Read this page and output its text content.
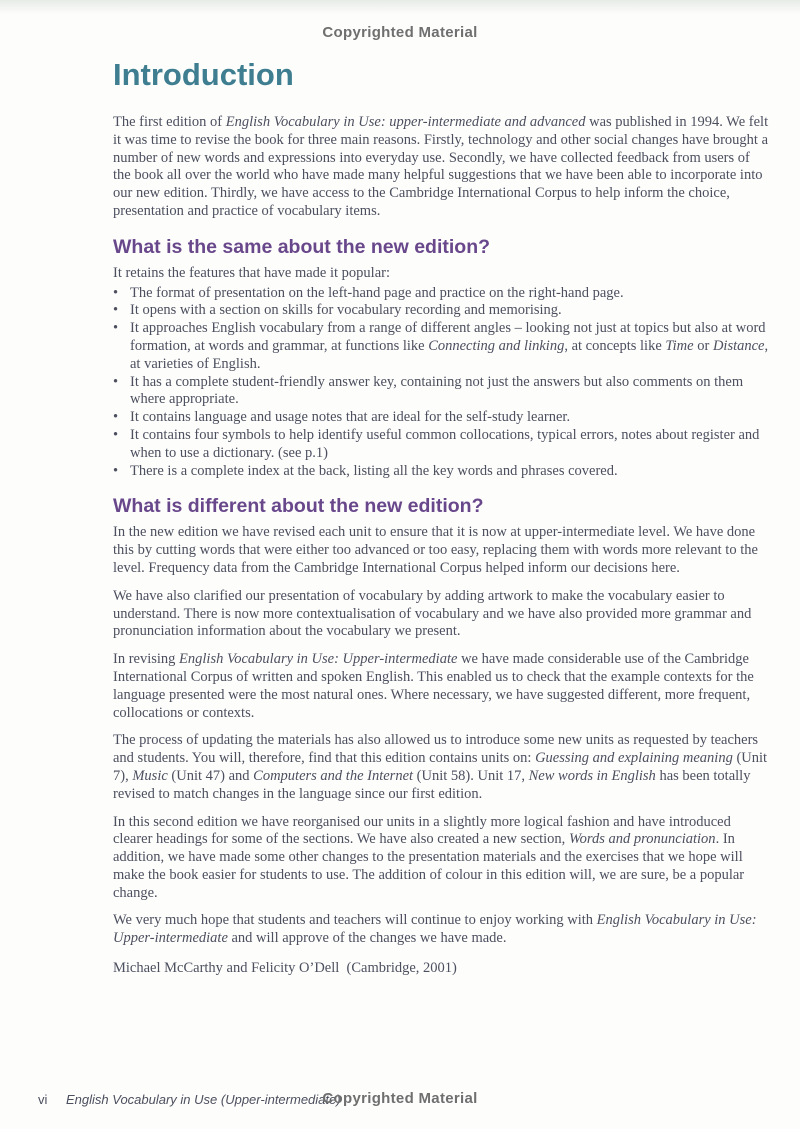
Copyrighted Material
Introduction

The first edition of English Vocabulary in Use: upper-intermediate and advanced was published in 1994. We felt it was time to revise the book for three main reasons. Firstly, technology and other social changes have brought a number of new words and expressions into everyday use. Secondly, we have collected feedback from users of the book all over the world who have made many helpful suggestions that we have been able to incorporate into our new edition. Thirdly, we have access to the Cambridge International Corpus to help inform the choice, presentation and practice of vocabulary items.

What is the same about the new edition?

It retains the features that have made it popular:

• The format of presentation on the left-hand page and practice on the right-hand page.
• It opens with a section on skills for vocabulary recording and memorising.
• It approaches English vocabulary from a range of different angles – looking not just at topics but also at word formation, at words and grammar, at functions like Connecting and linking, at concepts like Time or Distance, at varieties of English.
• It has a complete student-friendly answer key, containing not just the answers but also comments on them where appropriate.
• It contains language and usage notes that are ideal for the self-study learner.
• It contains four symbols to help identify useful common collocations, typical errors, notes about register and when to use a dictionary. (see p.1)
• There is a complete index at the back, listing all the key words and phrases covered.
What is different about the new edition?

In the new edition we have revised each unit to ensure that it is now at upper-intermediate level. We have done this by cutting words that were either too advanced or too easy, replacing them with words more relevant to the level. Frequency data from the Cambridge International Corpus helped inform our decisions here.

We have also clarified our presentation of vocabulary by adding artwork to make the vocabulary easier to understand. There is now more contextualisation of vocabulary and we have also provided more grammar and pronunciation information about the vocabulary we present.

In revising English Vocabulary in Use: Upper-intermediate we have made considerable use of the Cambridge International Corpus of written and spoken English. This enabled us to check that the example contexts for the language presented were the most natural ones. Where necessary, we have suggested different, more frequent, collocations or contexts.

The process of updating the materials has also allowed us to introduce some new units as requested by teachers and students. You will, therefore, find that this edition contains units on: Guessing and explaining meaning (Unit 7), Music (Unit 47) and Computers and the Internet (Unit 58). Unit 17, New words in English has been totally revised to match changes in the language since our first edition.

In this second edition we have reorganised our units in a slightly more logical fashion and have introduced clearer headings for some of the sections. We have also created a new section, Words and pronunciation. In addition, we have made some other changes to the presentation materials and the exercises that we hope will make the book easier for students to use. The addition of colour in this edition will, we are sure, be a popular change.

We very much hope that students and teachers will continue to enjoy working with English Vocabulary in Use: Upper-intermediate and will approve of the changes we have made.

Michael McCarthy and Felicity O’Dell  (Cambridge, 2001)

vi English Vocabulary in Use (Upper-intermediate)
Copyrighted Material
